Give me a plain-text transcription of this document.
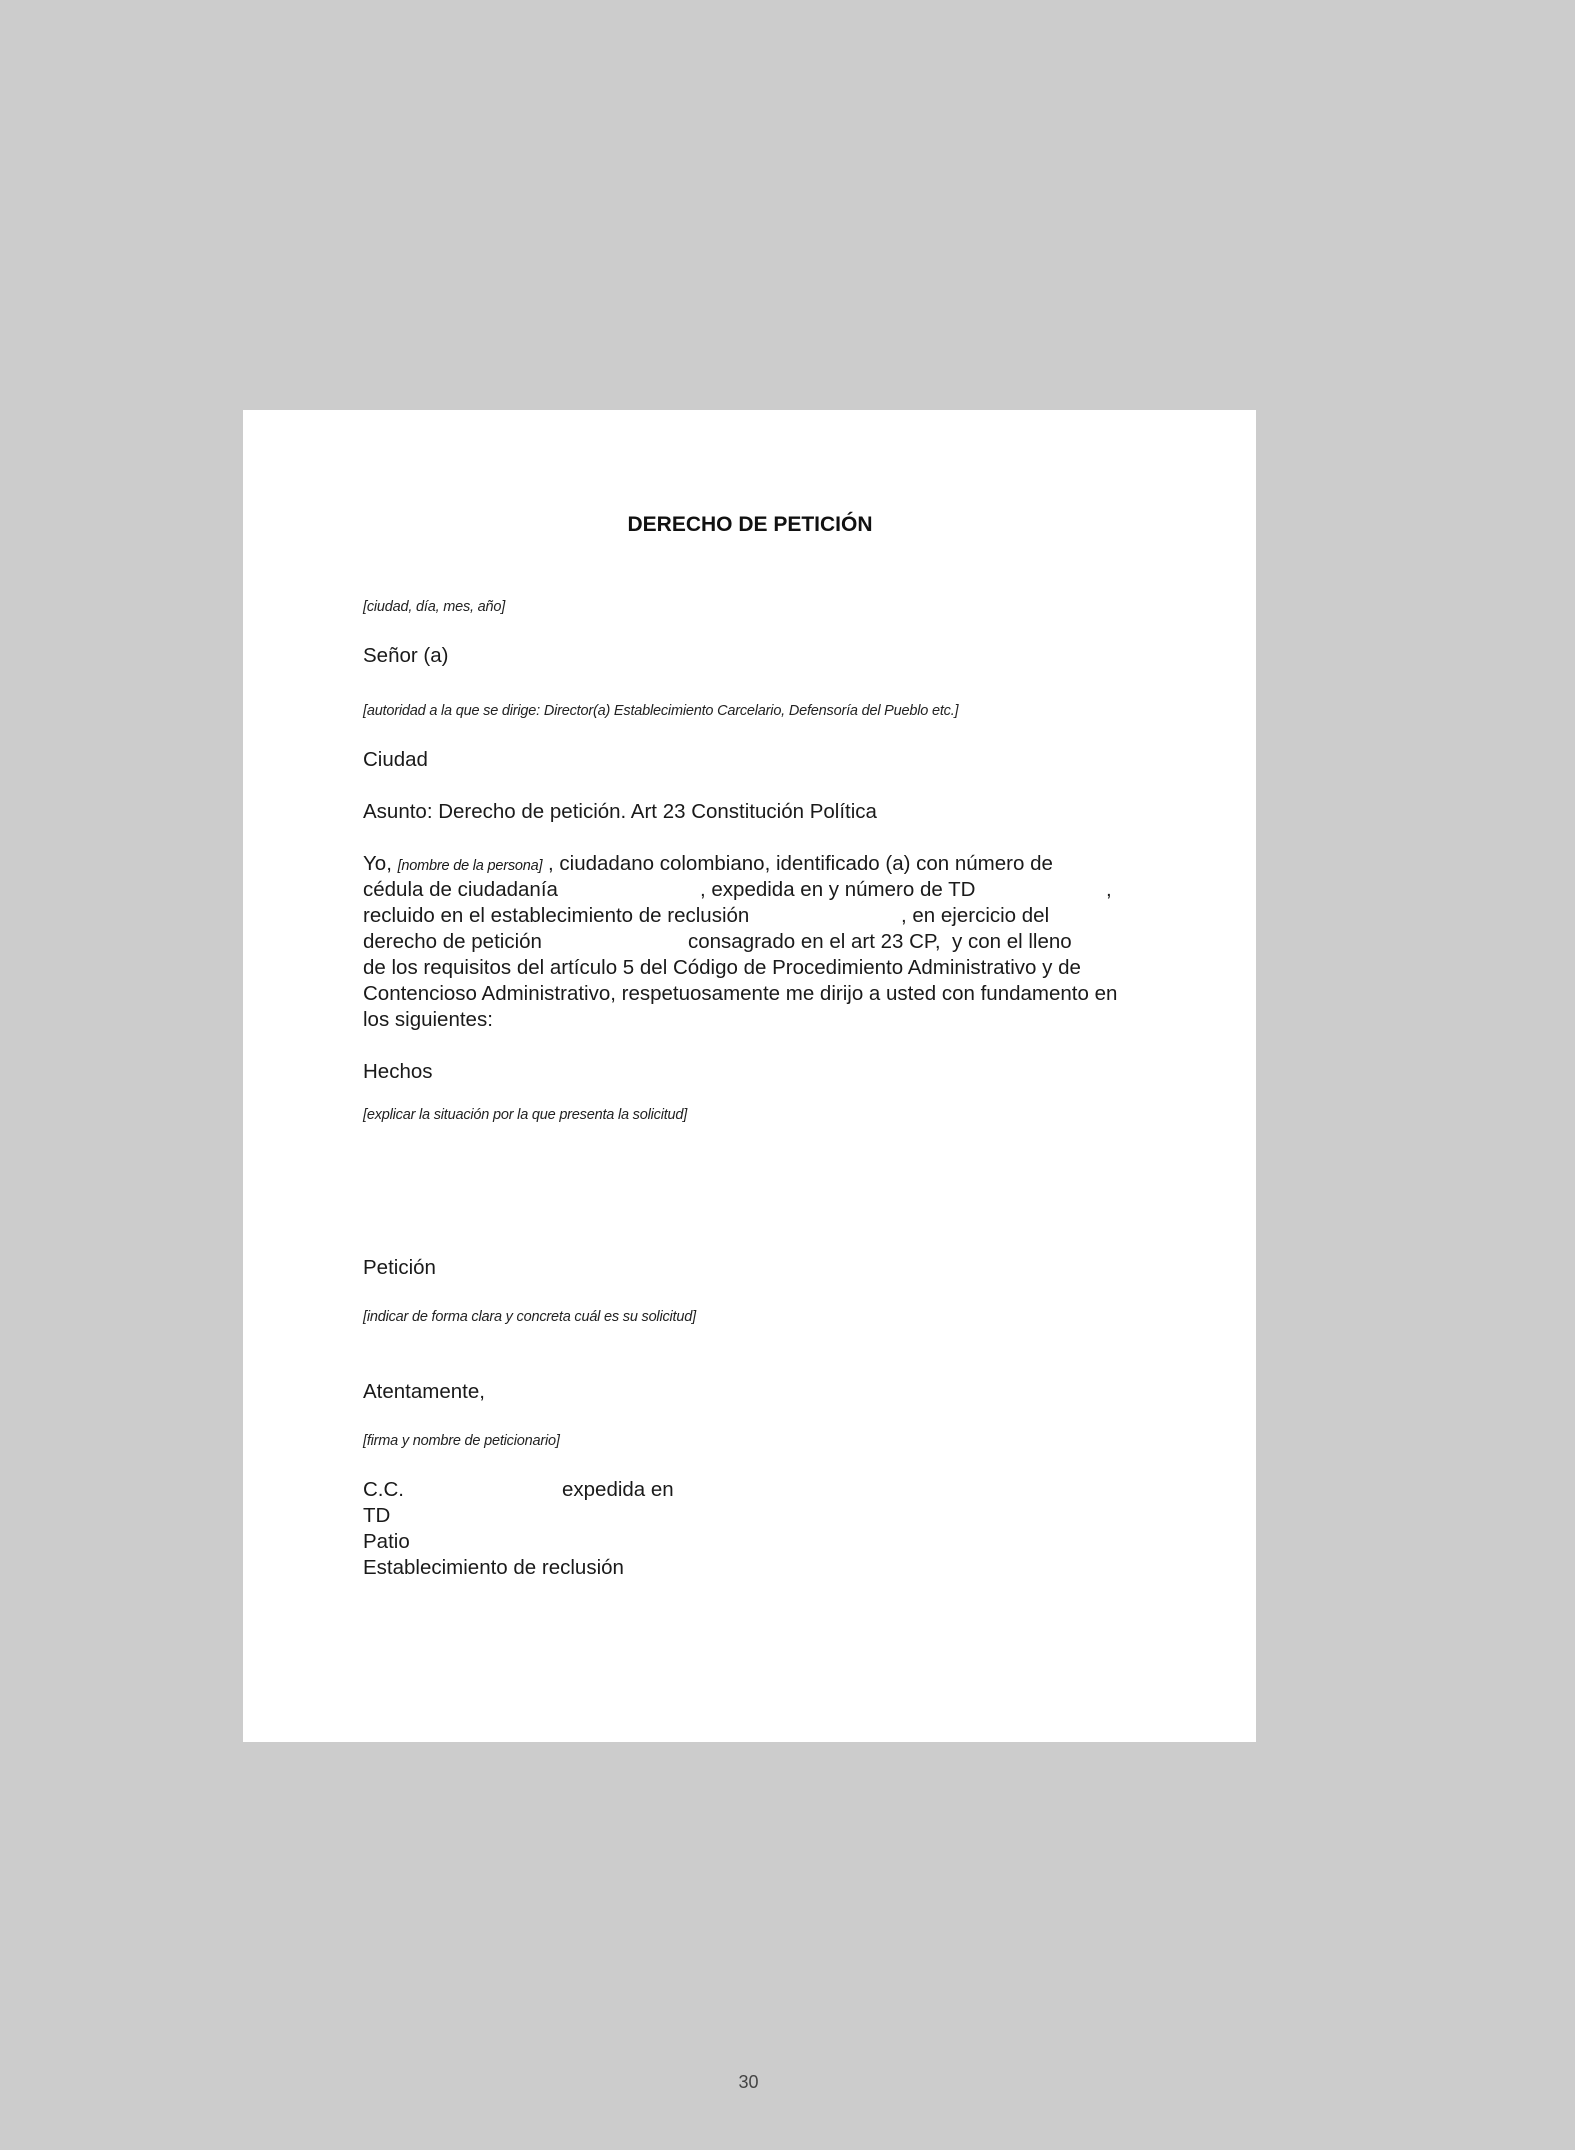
DERECHO DE PETICIÓN
[ciudad, día, mes, año]
Señor (a)
[autoridad a la que se dirige: Director(a) Establecimiento Carcelario, Defensoría del Pueblo etc.]
Ciudad
Asunto: Derecho de petición. Art 23 Constitución Política
Yo, [nombre de la persona] , ciudadano colombiano, identificado (a) con número de
cédula de ciudadanía	, expedida en y número de TD	,
recluido en el establecimiento de reclusión	, en ejercicio del
derecho de petición	consagrado en el art 23 CP,  y con el lleno
de los requisitos del artículo 5 del Código de Procedimiento Administrativo y de
Contencioso Administrativo, respetuosamente me dirijo a usted con fundamento en
los siguientes:
Hechos
[explicar la situación por la que presenta la solicitud]
Petición
[indicar de forma clara y concreta cuál es su solicitud]
Atentamente,
[firma y nombre de peticionario]
C.C.	expedida en
TD
Patio
Establecimiento de reclusión
30
